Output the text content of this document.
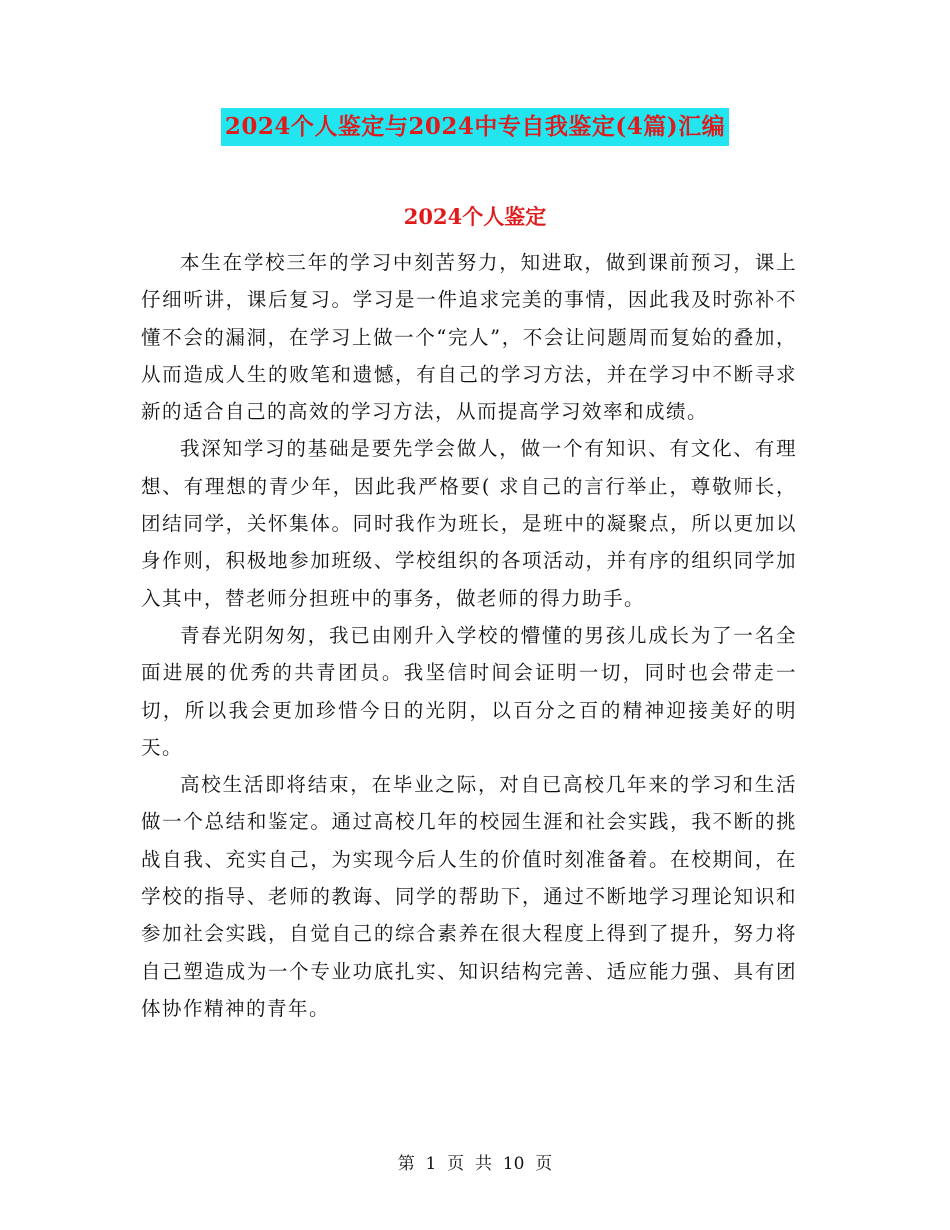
2024个人鉴定与2024中专自我鉴定(4篇)汇编
2024个人鉴定

本生在学校三年的学习中刻苦努力，知进取，做到课前预习，课上仔细听讲，课后复习。学习是一件追求完美的事情，因此我及时弥补不懂不会的漏洞，在学习上做一个“完人”，不会让问题周而复始的叠加，从而造成人生的败笔和遗憾，有自己的学习方法，并在学习中不断寻求新的适合自己的高效的学习方法，从而提高学习效率和成绩。

我深知学习的基础是要先学会做人，做一个有知识、有文化、有理想、有理想的青少年，因此我严格要( 求自己的言行举止，尊敬师长，团结同学，关怀集体。同时我作为班长，是班中的凝聚点，所以更加以身作则，积极地参加班级、学校组织的各项活动，并有序的组织同学加入其中，替老师分担班中的事务，做老师的得力助手。

青春光阴匆匆，我已由刚升入学校的懵懂的男孩儿成长为了一名全面进展的优秀的共青团员。我坚信时间会证明一切，同时也会带走一切，所以我会更加珍惜今日的光阴，以百分之百的精神迎接美好的明天。

高校生活即将结束，在毕业之际，对自已高校几年来的学习和生活做一个总结和鉴定。通过高校几年的校园生涯和社会实践，我不断的挑战自我、充实自己，为实现今后人生的价值时刻准备着。在校期间，在学校的指导、老师的教诲、同学的帮助下，通过不断地学习理论知识和参加社会实践，自觉自己的综合素养在很大程度上得到了提升，努力将自己塑造成为一个专业功底扎实、知识结构完善、适应能力强、具有团体协作精神的青年。

第  1  页  共  10  页
